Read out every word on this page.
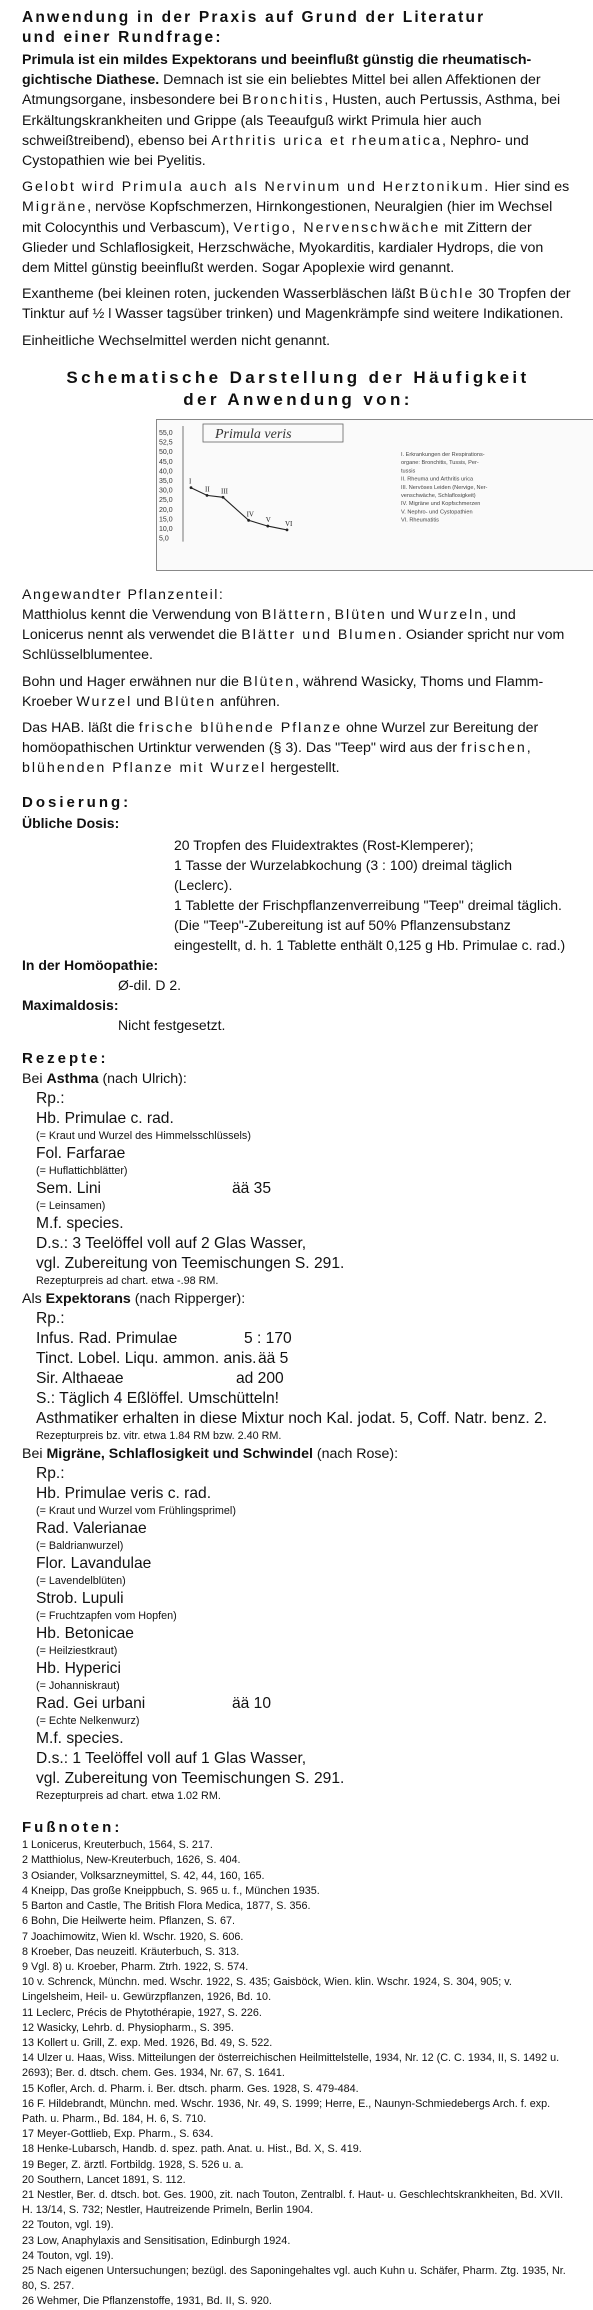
Anwendung in der Praxis auf Grund der Literatur
und einer Rundfrage:

Primula ist ein mildes Expektorans und beeinflußt günstig die rheumatisch-
gichtische Diathese. Demnach ist sie ein beliebtes Mittel bei allen Affektionen der Atmungsorgane, insbesondere bei Bronchitis, Husten, auch Pertussis, Asthma, bei Erkältungskrankheiten und Grippe (als Teeaufguß wirkt Primula hier auch schweißtreibend), ebenso bei Arthritis urica et rheumatica, Nephro- und Cystopathien wie bei Pyelitis.

Gelobt wird Primula auch als Nervinum und Herztonikum. Hier sind es Migräne, nervöse Kopfschmerzen, Hirnkongestionen, Neuralgien (hier im Wechsel mit Colocynthis und Verbascum), Vertigo, Nervenschwäche mit Zittern der Glieder und Schlaflosigkeit, Herzschwäche, Myokarditis, kardialer Hydrops, die von dem Mittel günstig beeinflußt werden. Sogar Apoplexie wird genannt.

Exantheme (bei kleinen roten, juckenden Wasserbläschen läßt Büchle 30 Tropfen der Tinktur auf ½ l Wasser tagsüber trinken) und Magenkrämpfe sind weitere Indikationen.

Einheitliche Wechselmittel werden nicht genannt.

Schematische Darstellung der Häufigkeit
der Anwendung von:

55,0
52,5
50,0
45,0
40,0
35,0
30,0
25,0
20,0
15,0
10,0
5,0
Primula veris
I
II III
IV
V VI
I. Erkrankungen der Respirations-
organe: Bronchitis, Tussis, Per-
tussis
II. Rheuma und Arthritis urica
III. Nervöses Leiden (Nervige, Ner-
venschwäche, Schlaflosigkeit)
IV. Migräne und Kopfschmerzen
V. Nephro- und Cystopathien
VI. Rheumatitis

Angewandter Pflanzenteil:

Matthiolus kennt die Verwendung von Blättern, Blüten und Wurzeln, und Lonicerus nennt als verwendet die Blätter und Blumen. Osiander spricht nur vom Schlüsselblumentee.

Bohn und Hager erwähnen nur die Blüten, während Wasicky, Thoms und Flamm-Kroeber Wurzel und Blüten anführen.

Das HAB. läßt die frische blühende Pflanze ohne Wurzel zur Bereitung der homöopathischen Urtinktur verwenden (§ 3). Das "Teep" wird aus der frischen, blühenden Pflanze mit Wurzel hergestellt.

Dosierung:

Übliche Dosis:

20 Tropfen des Fluidextraktes (Rost-Klemperer);

1 Tasse der Wurzelabkochung (3 : 100) dreimal täglich

(Leclerc).

1 Tablette der Frischpflanzenverreibung "Teep" dreimal täglich.

(Die "Teep"-Zubereitung ist auf 50% Pflanzensubstanz

eingestellt, d. h. 1 Tablette enthält 0,125 g Hb. Primulae c. rad.)

In der Homöopathie:

Ø-dil. D 2.

Maximaldosis:

Nicht festgesetzt.

Rezepte:

Bei Asthma (nach Ulrich):

Rp.:

Hb. Primulae c. rad.

(= Kraut und Wurzel des Himmelsschlüssels)

Fol. Farfarae

(= Huflattichblätter)

Sem. Lini	ää 35

(= Leinsamen)

M.f. species.

D.s.: 3 Teelöffel voll auf 2 Glas Wasser,

vgl. Zubereitung von Teemischungen S. 291.

Rezepturpreis ad chart. etwa -.98 RM.

Als Expektorans (nach Ripperger):

Rp.:

Infus. Rad. Primulae	5 : 170

Tinct. Lobel. Liqu. ammon. anis. ää 5

Sir. Althaeae	ad 200

S.: Täglich 4 Eßlöffel. Umschütteln!

Asthmatiker erhalten in diese Mixtur noch Kal. jodat. 5, Coff. Natr. benz. 2.

Rezepturpreis bz. vitr. etwa 1.84 RM bzw. 2.40 RM.

Bei Migräne, Schlaflosigkeit und Schwindel (nach Rose):

Rp.:

Hb. Primulae veris c. rad.

(= Kraut und Wurzel vom Frühlingsprimel)

Rad. Valerianae

(= Baldrianwurzel)

Flor. Lavandulae

(= Lavendelblüten)

Strob. Lupuli

(= Fruchtzapfen vom Hopfen)

Hb. Betonicae

(= Heilziestkraut)

Hb. Hyperici

(= Johanniskraut)

Rad. Gei urbani	ää 10

(= Echte Nelkenwurz)

M.f. species.

D.s.: 1 Teelöffel voll auf 1 Glas Wasser,

vgl. Zubereitung von Teemischungen S. 291.

Rezepturpreis ad chart. etwa 1.02 RM.

Fußnoten:

1 Lonicerus, Kreuterbuch, 1564, S. 217.

2 Matthiolus, New-Kreuterbuch, 1626, S. 404.

3 Osiander, Volksarzneymittel, S. 42, 44, 160, 165.

4 Kneipp, Das große Kneippbuch, S. 965 u. f., München 1935.

5 Barton and Castle, The British Flora Medica, 1877, S. 356.

6 Bohn, Die Heilwerte heim. Pflanzen, S. 67.

7 Joachimowitz, Wien kl. Wschr. 1920, S. 606.

8 Kroeber, Das neuzeitl. Kräuterbuch, S. 313.

9 Vgl. 8) u. Kroeber, Pharm. Ztrh. 1922, S. 574.

10 v. Schrenck, Münchn. med. Wschr. 1922, S. 435; Gaisböck, Wien. klin. Wschr. 1924, S. 304, 905; v. Lingelsheim, Heil- u. Gewürzpflanzen, 1926, Bd. 10.

11 Leclerc, Précis de Phytothérapie, 1927, S. 226.

12 Wasicky, Lehrb. d. Physiopharm., S. 395.

13 Kollert u. Grill, Z. exp. Med. 1926, Bd. 49, S. 522.

14 Ulzer u. Haas, Wiss. Mitteilungen der österreichischen Heilmittelstelle, 1934, Nr. 12 (C. C. 1934, II, S. 1492 u. 2693); Ber. d. dtsch. chem. Ges. 1934, Nr. 67, S. 1641.

15 Kofler, Arch. d. Pharm. i. Ber. dtsch. pharm. Ges. 1928, S. 479-484.

16 F. Hildebrandt, Münchn. med. Wschr. 1936, Nr. 49, S. 1999; Herre, E., Naunyn-Schmiedebergs Arch. f. exp. Path. u. Pharm., Bd. 184, H. 6, S. 710.

17 Meyer-Gottlieb, Exp. Pharm., S. 634.

18 Henke-Lubarsch, Handb. d. spez. path. Anat. u. Hist., Bd. X, S. 419.

19 Beger, Z. ärztl. Fortbildg. 1928, S. 526 u. a.

20 Southern, Lancet 1891, S. 112.

21 Nestler, Ber. d. dtsch. bot. Ges. 1900, zit. nach Touton, Zentralbl. f. Haut- u. Geschlechtskrankheiten, Bd. XVII. H. 13/14, S. 732; Nestler, Hautreizende Primeln, Berlin 1904.

22 Touton, vgl. 19).

23 Low, Anaphylaxis and Sensitisation, Edinburgh 1924.

24 Touton, vgl. 19).

25 Nach eigenen Untersuchungen; bezügl. des Saponingehaltes vgl. auch Kuhn u. Schäfer, Pharm. Ztg. 1935, Nr. 80, S. 257.

26 Wehmer, Die Pflanzenstoffe, 1931, Bd. II, S. 920.
